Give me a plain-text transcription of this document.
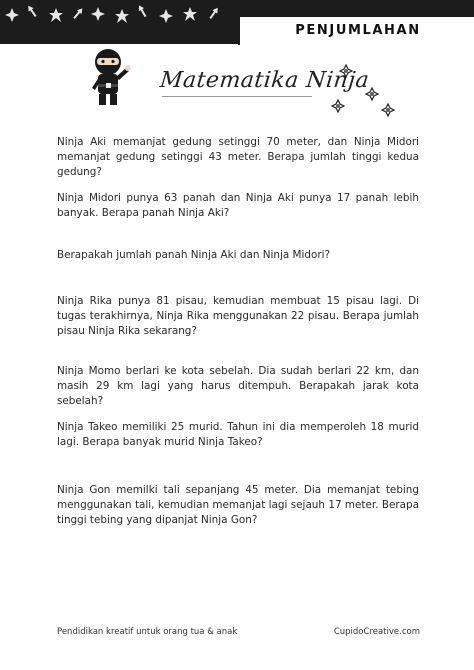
PENJUMLAHAN
Matematika Ninja

Ninja Aki memanjat gedung setinggi 70 meter, dan Ninja Midori memanjat gedung setinggi 43 meter. Berapa jumlah tinggi kedua gedung?

Ninja Midori punya 63 panah dan Ninja Aki punya 17 panah lebih banyak. Berapa panah Ninja Aki?

Berapakah jumlah panah Ninja Aki dan Ninja Midori?

Ninja Rika punya 81 pisau, kemudian membuat 15 pisau lagi. Di tugas terakhirnya, Ninja Rika menggunakan 22 pisau. Berapa jumlah pisau Ninja Rika sekarang?

Ninja Momo berlari ke kota sebelah. Dia sudah berlari 22 km, dan masih 29 km lagi yang harus ditempuh. Berapakah jarak kota sebelah?

Ninja Takeo memiliki 25 murid. Tahun ini dia memperoleh 18 murid lagi. Berapa banyak murid Ninja Takeo?

Ninja Gon memilki tali sepanjang 45 meter. Dia memanjat tebing menggunakan tali, kemudian memanjat lagi sejauh 17 meter. Berapa tinggi tebing yang dipanjat Ninja Gon?

Pendidikan kreatif untuk orang tua & anak	CupidoCreative.com
